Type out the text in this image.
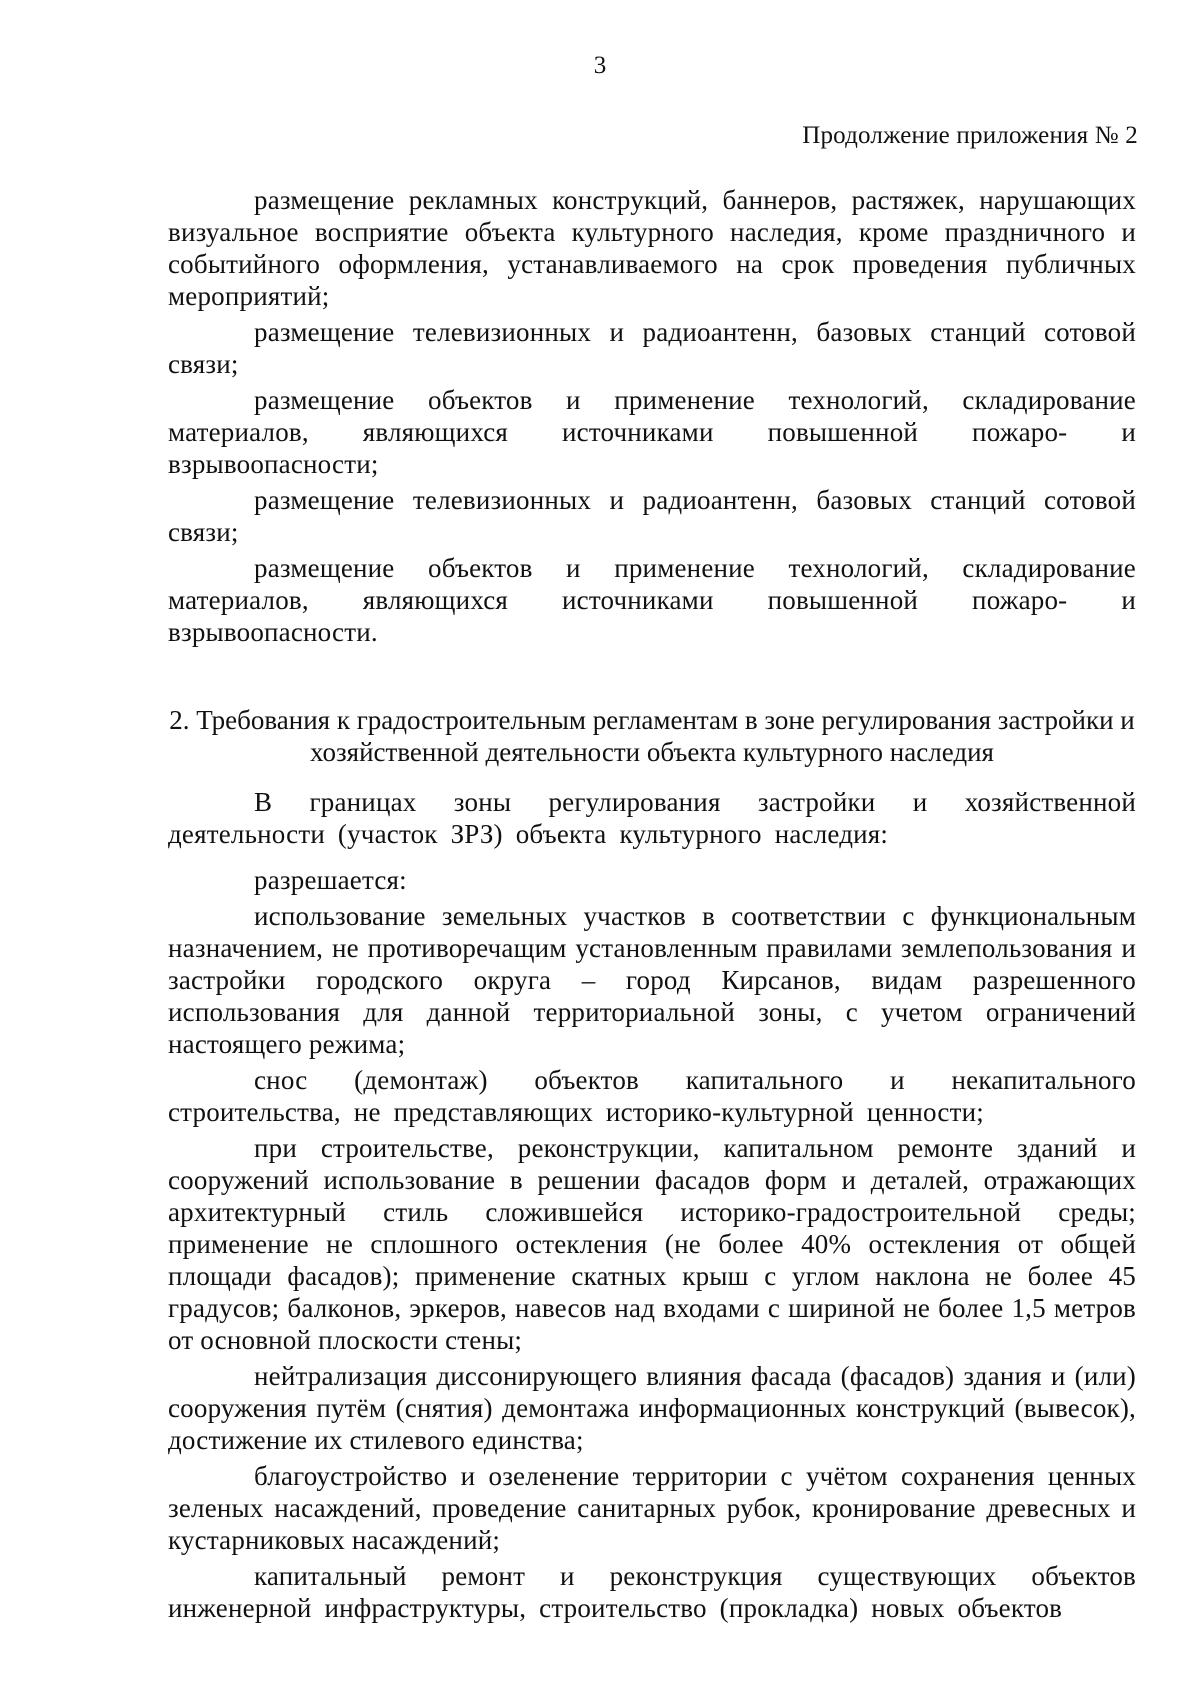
3
Продолжение приложения № 2

размещение рекламных конструкций, баннеров, растяжек, нарушающих визуальное восприятие объекта культурного наследия, кроме праздничного и событийного оформления, устанавливаемого на срок проведения публичных мероприятий;

размещение телевизионных и радиоантенн, базовых станций сотовой связи;

размещение объектов и применение технологий, складирование материалов, являющихся источниками повышенной пожаро- и взрывоопасности;

размещение телевизионных и радиоантенн, базовых станций сотовой связи;

размещение объектов и применение технологий, складирование материалов, являющихся источниками повышенной пожаро- и взрывоопасности.

2. Требования к градостроительным регламентам в зоне регулирования застройки и хозяйственной деятельности объекта культурного наследия

В границах зоны регулирования застройки и хозяйственной деятельности (участок ЗРЗ) объекта культурного наследия:

разрешается:

использование земельных участков в соответствии с функциональным назначением, не противоречащим установленным правилами землепользования и застройки городского округа – город Кирсанов, видам разрешенного использования для данной территориальной зоны, с учетом ограничений настоящего режима;

снос (демонтаж) объектов капитального и некапитального строительства, не представляющих историко-культурной ценности;

при строительстве, реконструкции, капитальном ремонте зданий и сооружений использование в решении фасадов форм и деталей, отражающих архитектурный стиль сложившейся историко-градостроительной среды; применение не сплошного остекления (не более 40% остекления от общей площади фасадов); применение скатных крыш с углом наклона не более 45 градусов; балконов, эркеров, навесов над входами с шириной не более 1,5 метров от основной плоскости стены;

нейтрализация диссонирующего влияния фасада (фасадов) здания и (или) сооружения путём (снятия) демонтажа информационных конструкций (вывесок), достижение их стилевого единства;

благоустройство и озеленение территории с учётом сохранения ценных зеленых насаждений, проведение санитарных рубок, кронирование древесных и кустарниковых насаждений;

капитальный ремонт и реконструкция существующих объектов инженерной инфраструктуры, строительство (прокладка) новых объектов
